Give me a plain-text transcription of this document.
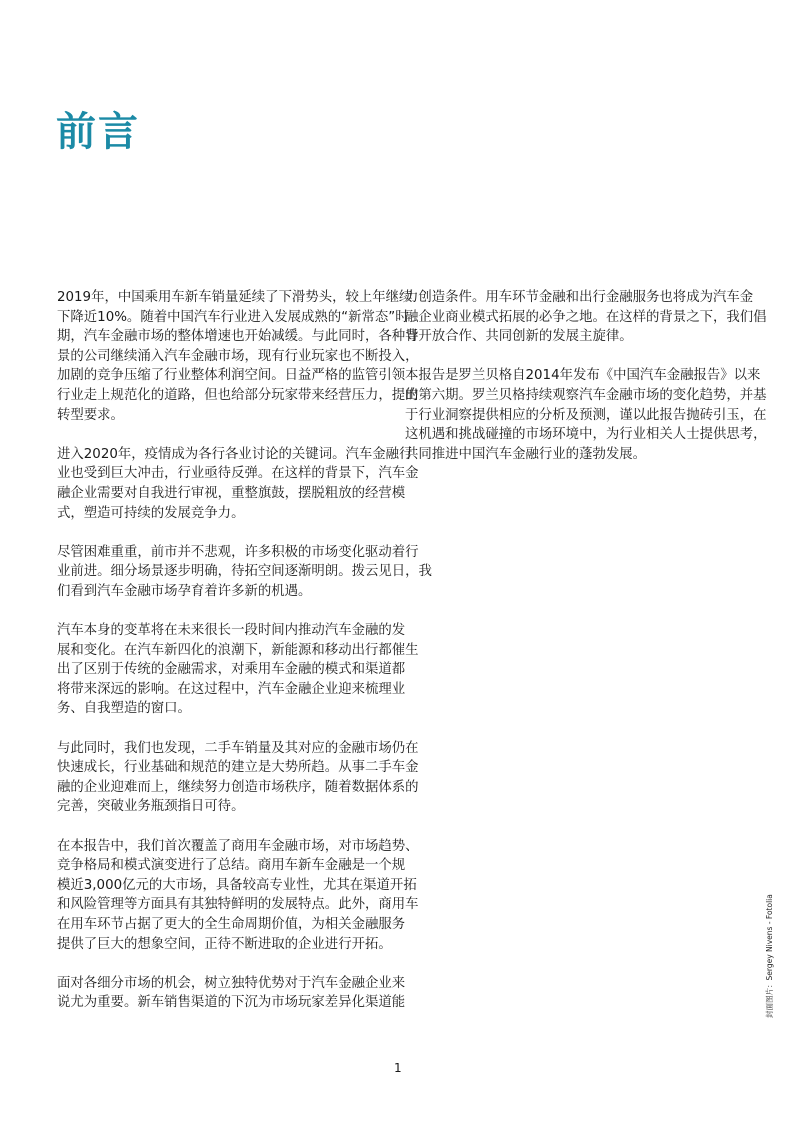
前言

2019年，中国乘用车新车销量延续了下滑势头，较上年继续
下降近10%。随着中国汽车行业进入发展成熟的“新常态”时
期，汽车金融市场的整体增速也开始减缓。与此同时，各种背
景的公司继续涌入汽车金融市场，现有行业玩家也不断投入，
加剧的竞争压缩了行业整体利润空间。日益严格的监管引领
行业走上规范化的道路，但也给部分玩家带来经营压力，提出
转型要求。

进入2020年，疫情成为各行各业讨论的关键词。汽车金融行
业也受到巨大冲击，行业亟待反弹。在这样的背景下，汽车金
融企业需要对自我进行审视，重整旗鼓，摆脱粗放的经营模
式，塑造可持续的发展竞争力。

尽管困难重重，前市并不悲观，许多积极的市场变化驱动着行
业前进。细分场景逐步明确，待拓空间逐渐明朗。拨云见日，我
们看到汽车金融市场孕育着许多新的机遇。

汽车本身的变革将在未来很长一段时间内推动汽车金融的发
展和变化。在汽车新四化的浪潮下，新能源和移动出行都催生
出了区别于传统的金融需求，对乘用车金融的模式和渠道都
将带来深远的影响。在这过程中，汽车金融企业迎来梳理业
务、自我塑造的窗口。

与此同时，我们也发现，二手车销量及其对应的金融市场仍在
快速成长，行业基础和规范的建立是大势所趋。从事二手车金
融的企业迎难而上，继续努力创造市场秩序，随着数据体系的
完善，突破业务瓶颈指日可待。

在本报告中，我们首次覆盖了商用车金融市场，对市场趋势、
竞争格局和模式演变进行了总结。商用车新车金融是一个规
模近3,000亿元的大市场，具备较高专业性，尤其在渠道开拓
和风险管理等方面具有其独特鲜明的发展特点。此外，商用车
在用车环节占据了更大的全生命周期价值，为相关金融服务
提供了巨大的想象空间，正待不断进取的企业进行开拓。

面对各细分市场的机会，树立独特优势对于汽车金融企业来
说尤为重要。新车销售渠道的下沉为市场玩家差异化渠道能

力创造条件。用车环节金融和出行金融服务也将成为汽车金
融企业商业模式拓展的必争之地。在这样的背景之下，我们倡
导开放合作、共同创新的发展主旋律。

本报告是罗兰贝格自2014年发布《中国汽车金融报告》以来
的第六期。罗兰贝格持续观察汽车金融市场的变化趋势，并基
于行业洞察提供相应的分析及预测，谨以此报告抛砖引玉，在
这机遇和挑战碰撞的市场环境中，为行业相关人士提供思考，
共同推进中国汽车金融行业的蓬勃发展。

1
封面图片：Sergey Nivens - Fotolia
